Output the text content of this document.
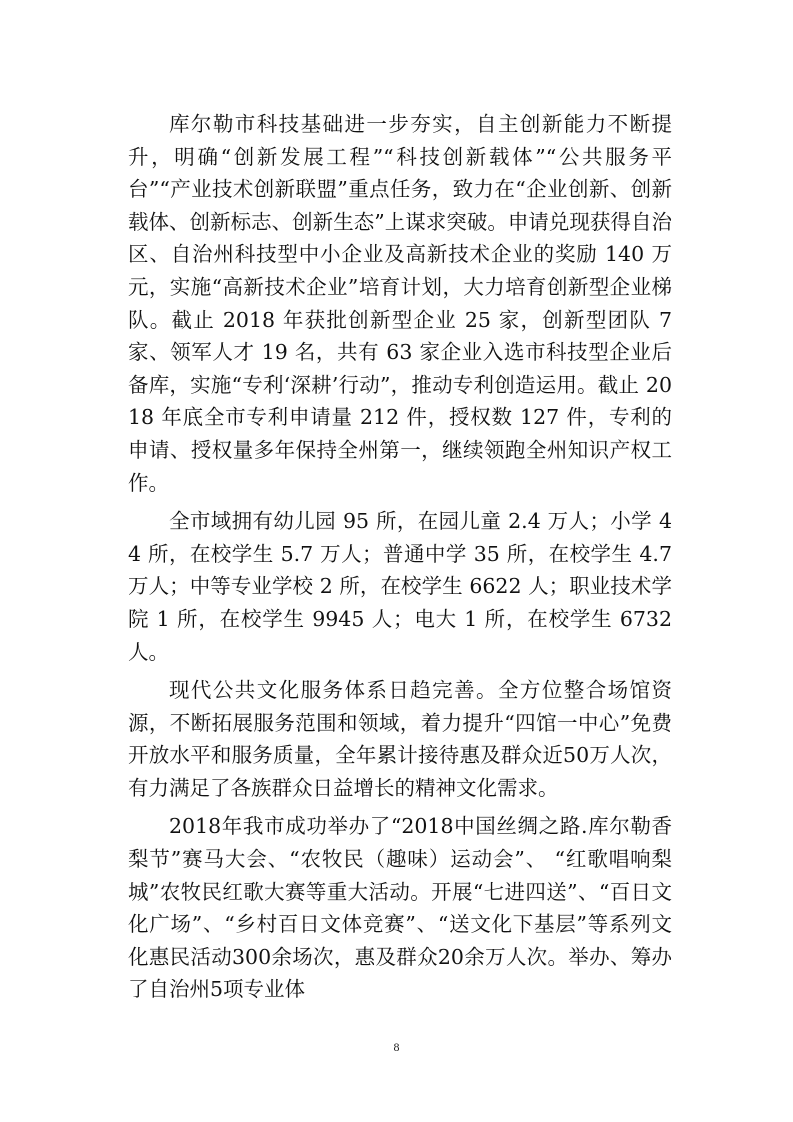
库尔勒市科技基础进一步夯实，自主创新能力不断提升，明确“创新发展工程”“科技创新载体”“公共服务平台”“产业技术创新联盟”重点任务，致力在“企业创新、创新载体、创新标志、创新生态”上谋求突破。申请兑现获得自治区、自治州科技型中小企业及高新技术企业的奖励 140 万元，实施“高新技术企业”培育计划，大力培育创新型企业梯队。截止 2018 年获批创新型企业 25 家，创新型团队 7 家、领军人才 19 名，共有 63 家企业入选市科技型企业后备库，实施“专利‘深耕’行动”，推动专利创造运用。截止 2018 年底全市专利申请量 212 件，授权数 127 件，专利的申请、授权量多年保持全州第一，继续领跑全州知识产权工作。

全市域拥有幼儿园 95 所，在园儿童 2.4 万人；小学 44 所，在校学生 5.7 万人；普通中学 35 所，在校学生 4.7 万人；中等专业学校 2 所，在校学生 6622 人；职业技术学院 1 所，在校学生 9945 人；电大 1 所，在校学生 6732 人。

现代公共文化服务体系日趋完善。全方位整合场馆资源，不断拓展服务范围和领域，着力提升“四馆一中心”免费开放水平和服务质量，全年累计接待惠及群众近50万人次，有力满足了各族群众日益增长的精神文化需求。

2018年我市成功举办了“2018中国丝绸之路.库尔勒香梨节”赛马大会、“农牧民（趣味）运动会”、 “红歌唱响梨城”农牧民红歌大赛等重大活动。开展“七进四送”、“百日文化广场”、“乡村百日文体竞赛”、“送文化下基层”等系列文化惠民活动300余场次，惠及群众20余万人次。举办、筹办了自治州5项专业体

8
